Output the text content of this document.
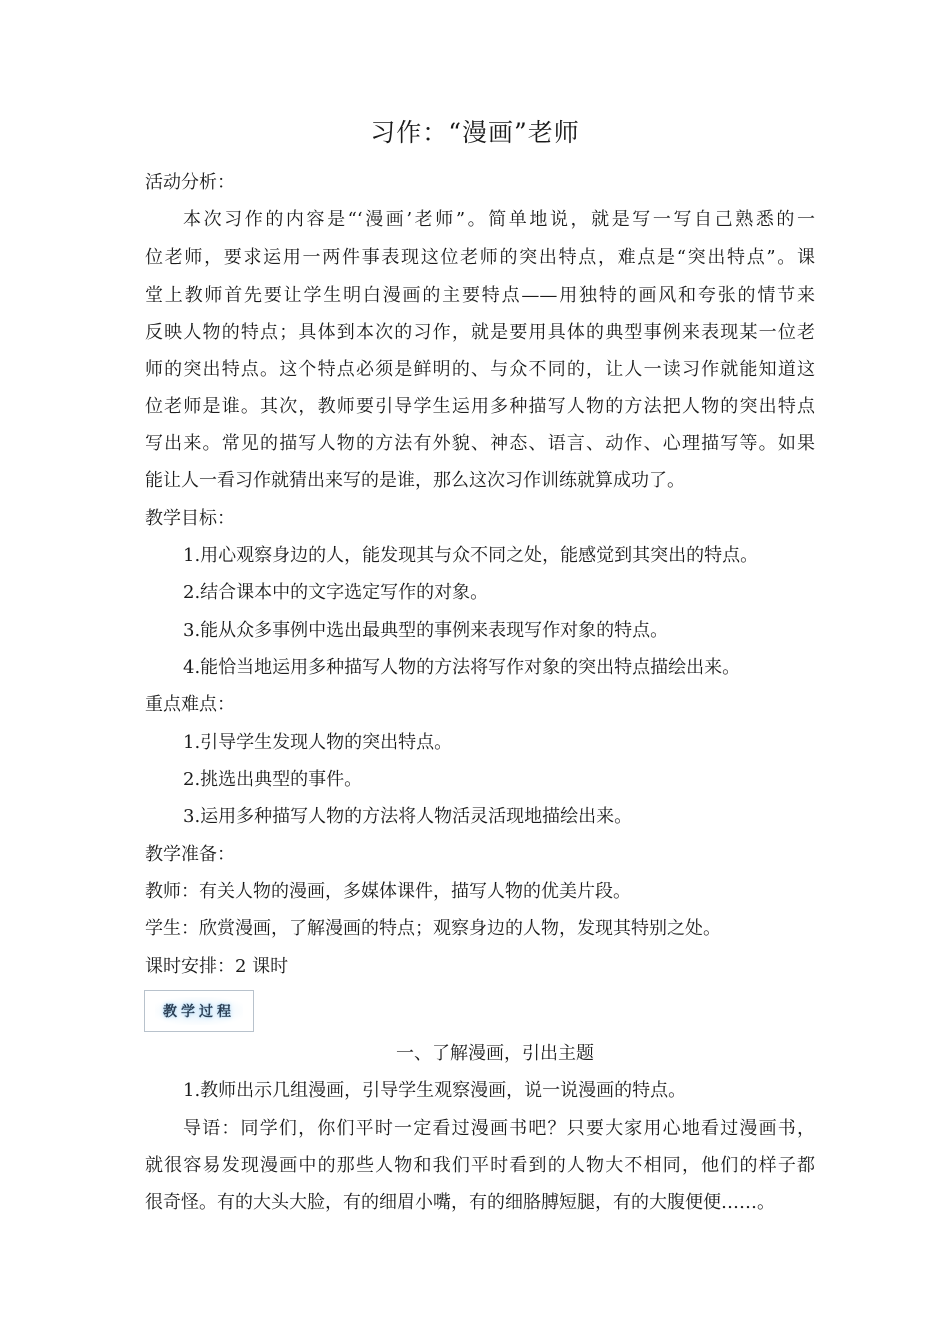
习作：“漫画”老师
活动分析：
本次习作的内容是“‘漫画’老师”。简单地说，就是写一写自己熟悉的一
位老师，要求运用一两件事表现这位老师的突出特点，难点是“突出特点”。课
堂上教师首先要让学生明白漫画的主要特点——用独特的画风和夸张的情节来
反映人物的特点；具体到本次的习作，就是要用具体的典型事例来表现某一位老
师的突出特点。这个特点必须是鲜明的、与众不同的，让人一读习作就能知道这
位老师是谁。其次，教师要引导学生运用多种描写人物的方法把人物的突出特点
写出来。常见的描写人物的方法有外貌、神态、语言、动作、心理描写等。如果
能让人一看习作就猜出来写的是谁，那么这次习作训练就算成功了。
教学目标：
1.用心观察身边的人，能发现其与众不同之处，能感觉到其突出的特点。
2.结合课本中的文字选定写作的对象。
3.能从众多事例中选出最典型的事例来表现写作对象的特点。
4.能恰当地运用多种描写人物的方法将写作对象的突出特点描绘出来。
重点难点：
1.引导学生发现人物的突出特点。
2.挑选出典型的事件。
3.运用多种描写人物的方法将人物活灵活现地描绘出来。
教学准备：
教师：有关人物的漫画，多媒体课件，描写人物的优美片段。
学生：欣赏漫画，了解漫画的特点；观察身边的人物，发现其特别之处。
课时安排：2 课时
教学过程
一、了解漫画，引出主题
1.教师出示几组漫画，引导学生观察漫画，说一说漫画的特点。
导语：同学们，你们平时一定看过漫画书吧？只要大家用心地看过漫画书，
就很容易发现漫画中的那些人物和我们平时看到的人物大不相同，他们的样子都
很奇怪。有的大头大脸，有的细眉小嘴，有的细胳膊短腿，有的大腹便便……。
